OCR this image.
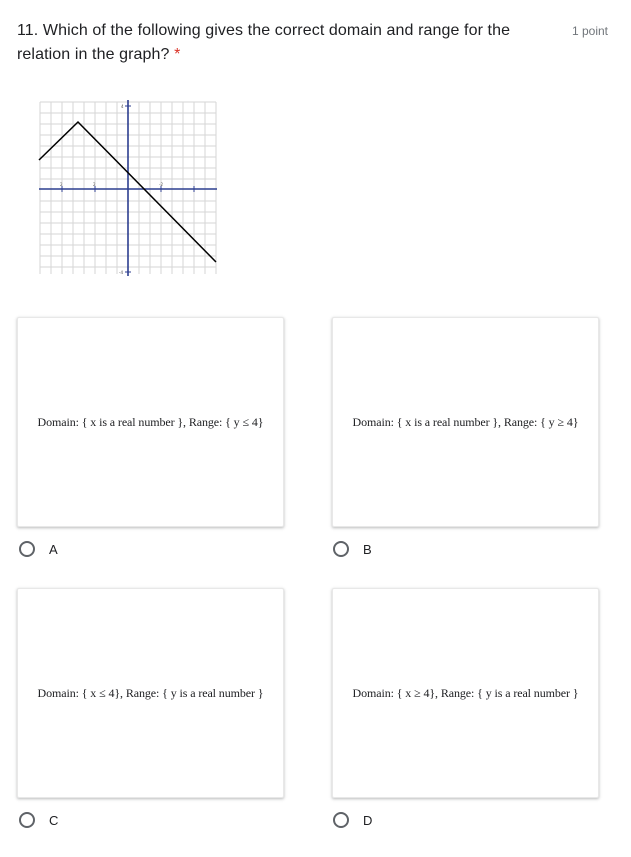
11. Which of the following gives the correct domain and range for the
relation in the graph? *
1 point
4
-4
2	2	-2
Domain: { x is a real number }, Range: { y ≤ 4}
A
Domain: { x is a real number }, Range: { y ≥ 4}
B
Domain: { x ≤ 4}, Range: { y is a real number }
C
Domain: { x ≥ 4}, Range: { y is a real number }
D
